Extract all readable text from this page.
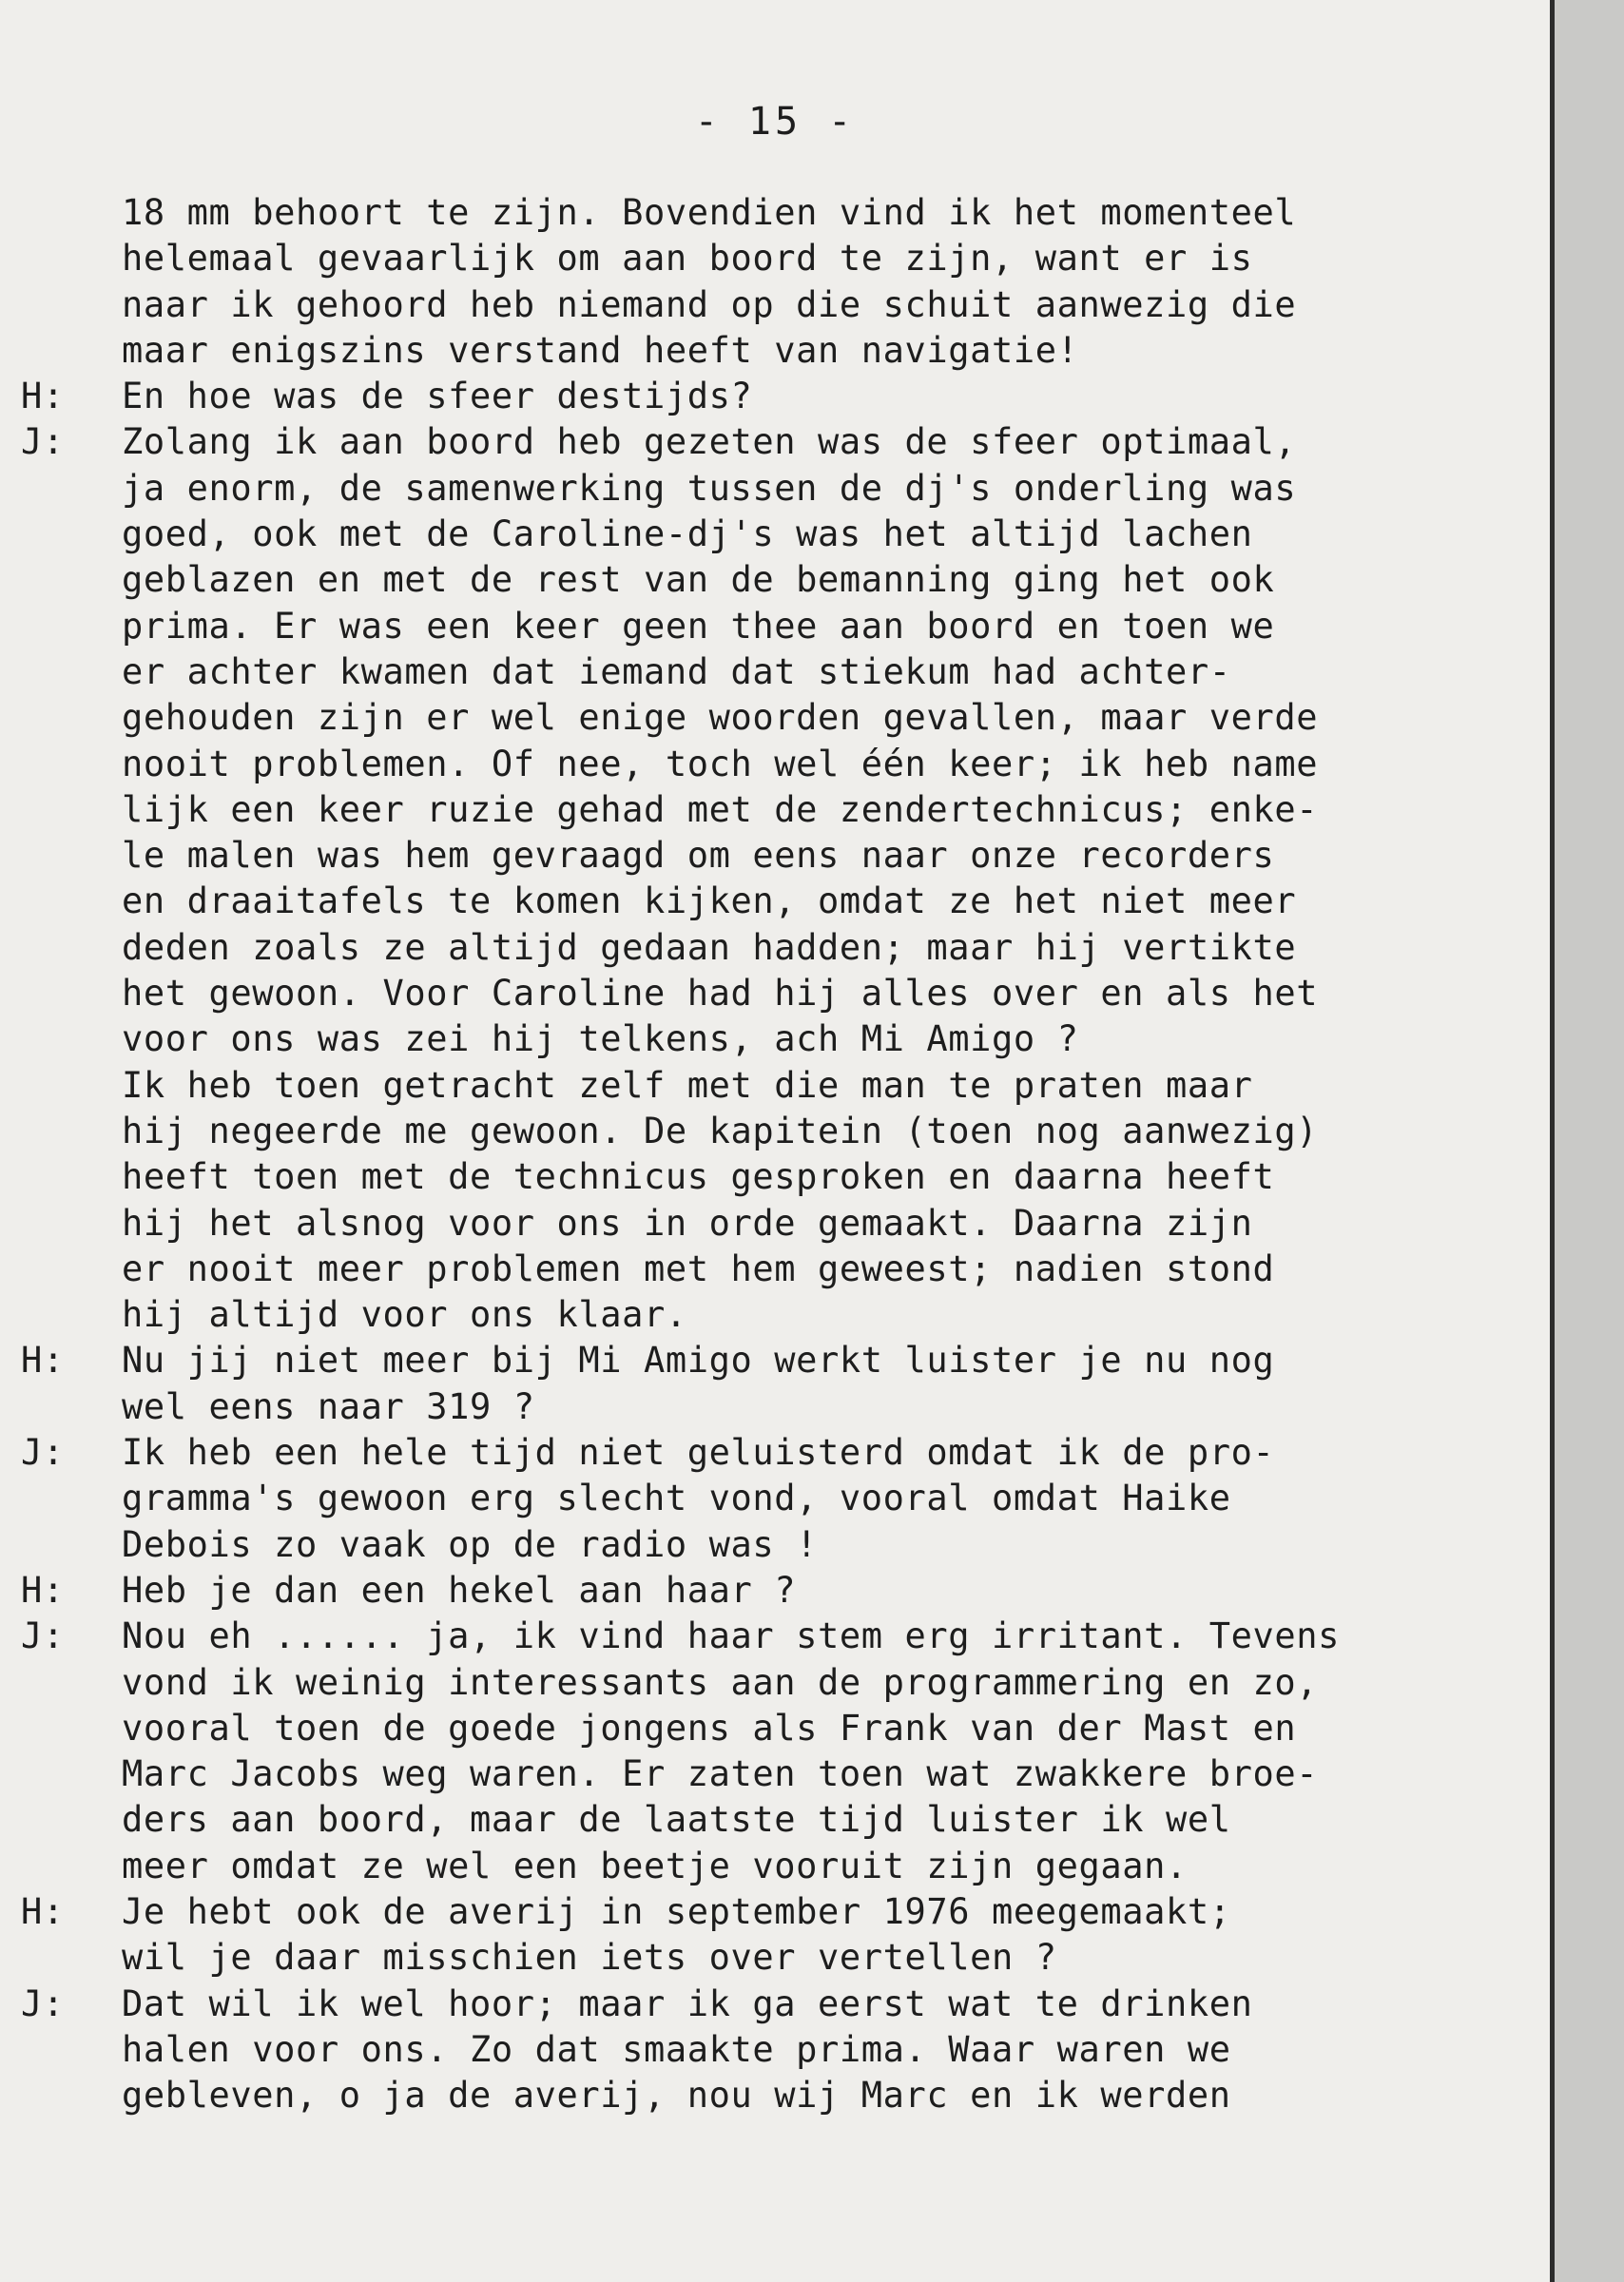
- 15 -
18 mm behoort te zijn. Bovendien vind ik het momenteel
helemaal gevaarlijk om aan boord te zijn, want er is
naar ik gehoord heb niemand op die schuit aanwezig die
maar enigszins verstand heeft van navigatie!
H:	En hoe was de sfeer destijds?
J:	Zolang ik aan boord heb gezeten was de sfeer optimaal,
ja enorm, de samenwerking tussen de dj's onderling was
goed, ook met de Caroline-dj's was het altijd lachen
geblazen en met de rest van de bemanning ging het ook
prima. Er was een keer geen thee aan boord en toen we
er achter kwamen dat iemand dat stiekum had achter-
gehouden zijn er wel enige woorden gevallen, maar verde
nooit problemen. Of nee, toch wel één keer; ik heb name
lijk een keer ruzie gehad met de zendertechnicus; enke-
le malen was hem gevraagd om eens naar onze recorders
en draaitafels te komen kijken, omdat ze het niet meer
deden zoals ze altijd gedaan hadden; maar hij vertikte
het gewoon. Voor Caroline had hij alles over en als het
voor ons was zei hij telkens, ach Mi Amigo ?
Ik heb toen getracht zelf met die man te praten maar
hij negeerde me gewoon. De kapitein (toen nog aanwezig)
heeft toen met de technicus gesproken en daarna heeft
hij het alsnog voor ons in orde gemaakt. Daarna zijn
er nooit meer problemen met hem geweest; nadien stond
hij altijd voor ons klaar.
H:	Nu jij niet meer bij Mi Amigo werkt luister je nu nog
wel eens naar 319 ?
J:	Ik heb een hele tijd niet geluisterd omdat ik de pro-
gramma's gewoon erg slecht vond, vooral omdat Haike
Debois zo vaak op de radio was !
H:	Heb je dan een hekel aan haar ?
J:	Nou eh ...... ja, ik vind haar stem erg irritant. Tevens
vond ik weinig interessants aan de programmering en zo,
vooral toen de goede jongens als Frank van der Mast en
Marc Jacobs weg waren. Er zaten toen wat zwakkere broe-
ders aan boord, maar de laatste tijd luister ik wel
meer omdat ze wel een beetje vooruit zijn gegaan.
H:	Je hebt ook de averij in september 1976 meegemaakt;
wil je daar misschien iets over vertellen ?
J:	Dat wil ik wel hoor; maar ik ga eerst wat te drinken
halen voor ons. Zo dat smaakte prima. Waar waren we
gebleven, o ja de averij, nou wij Marc en ik werden
